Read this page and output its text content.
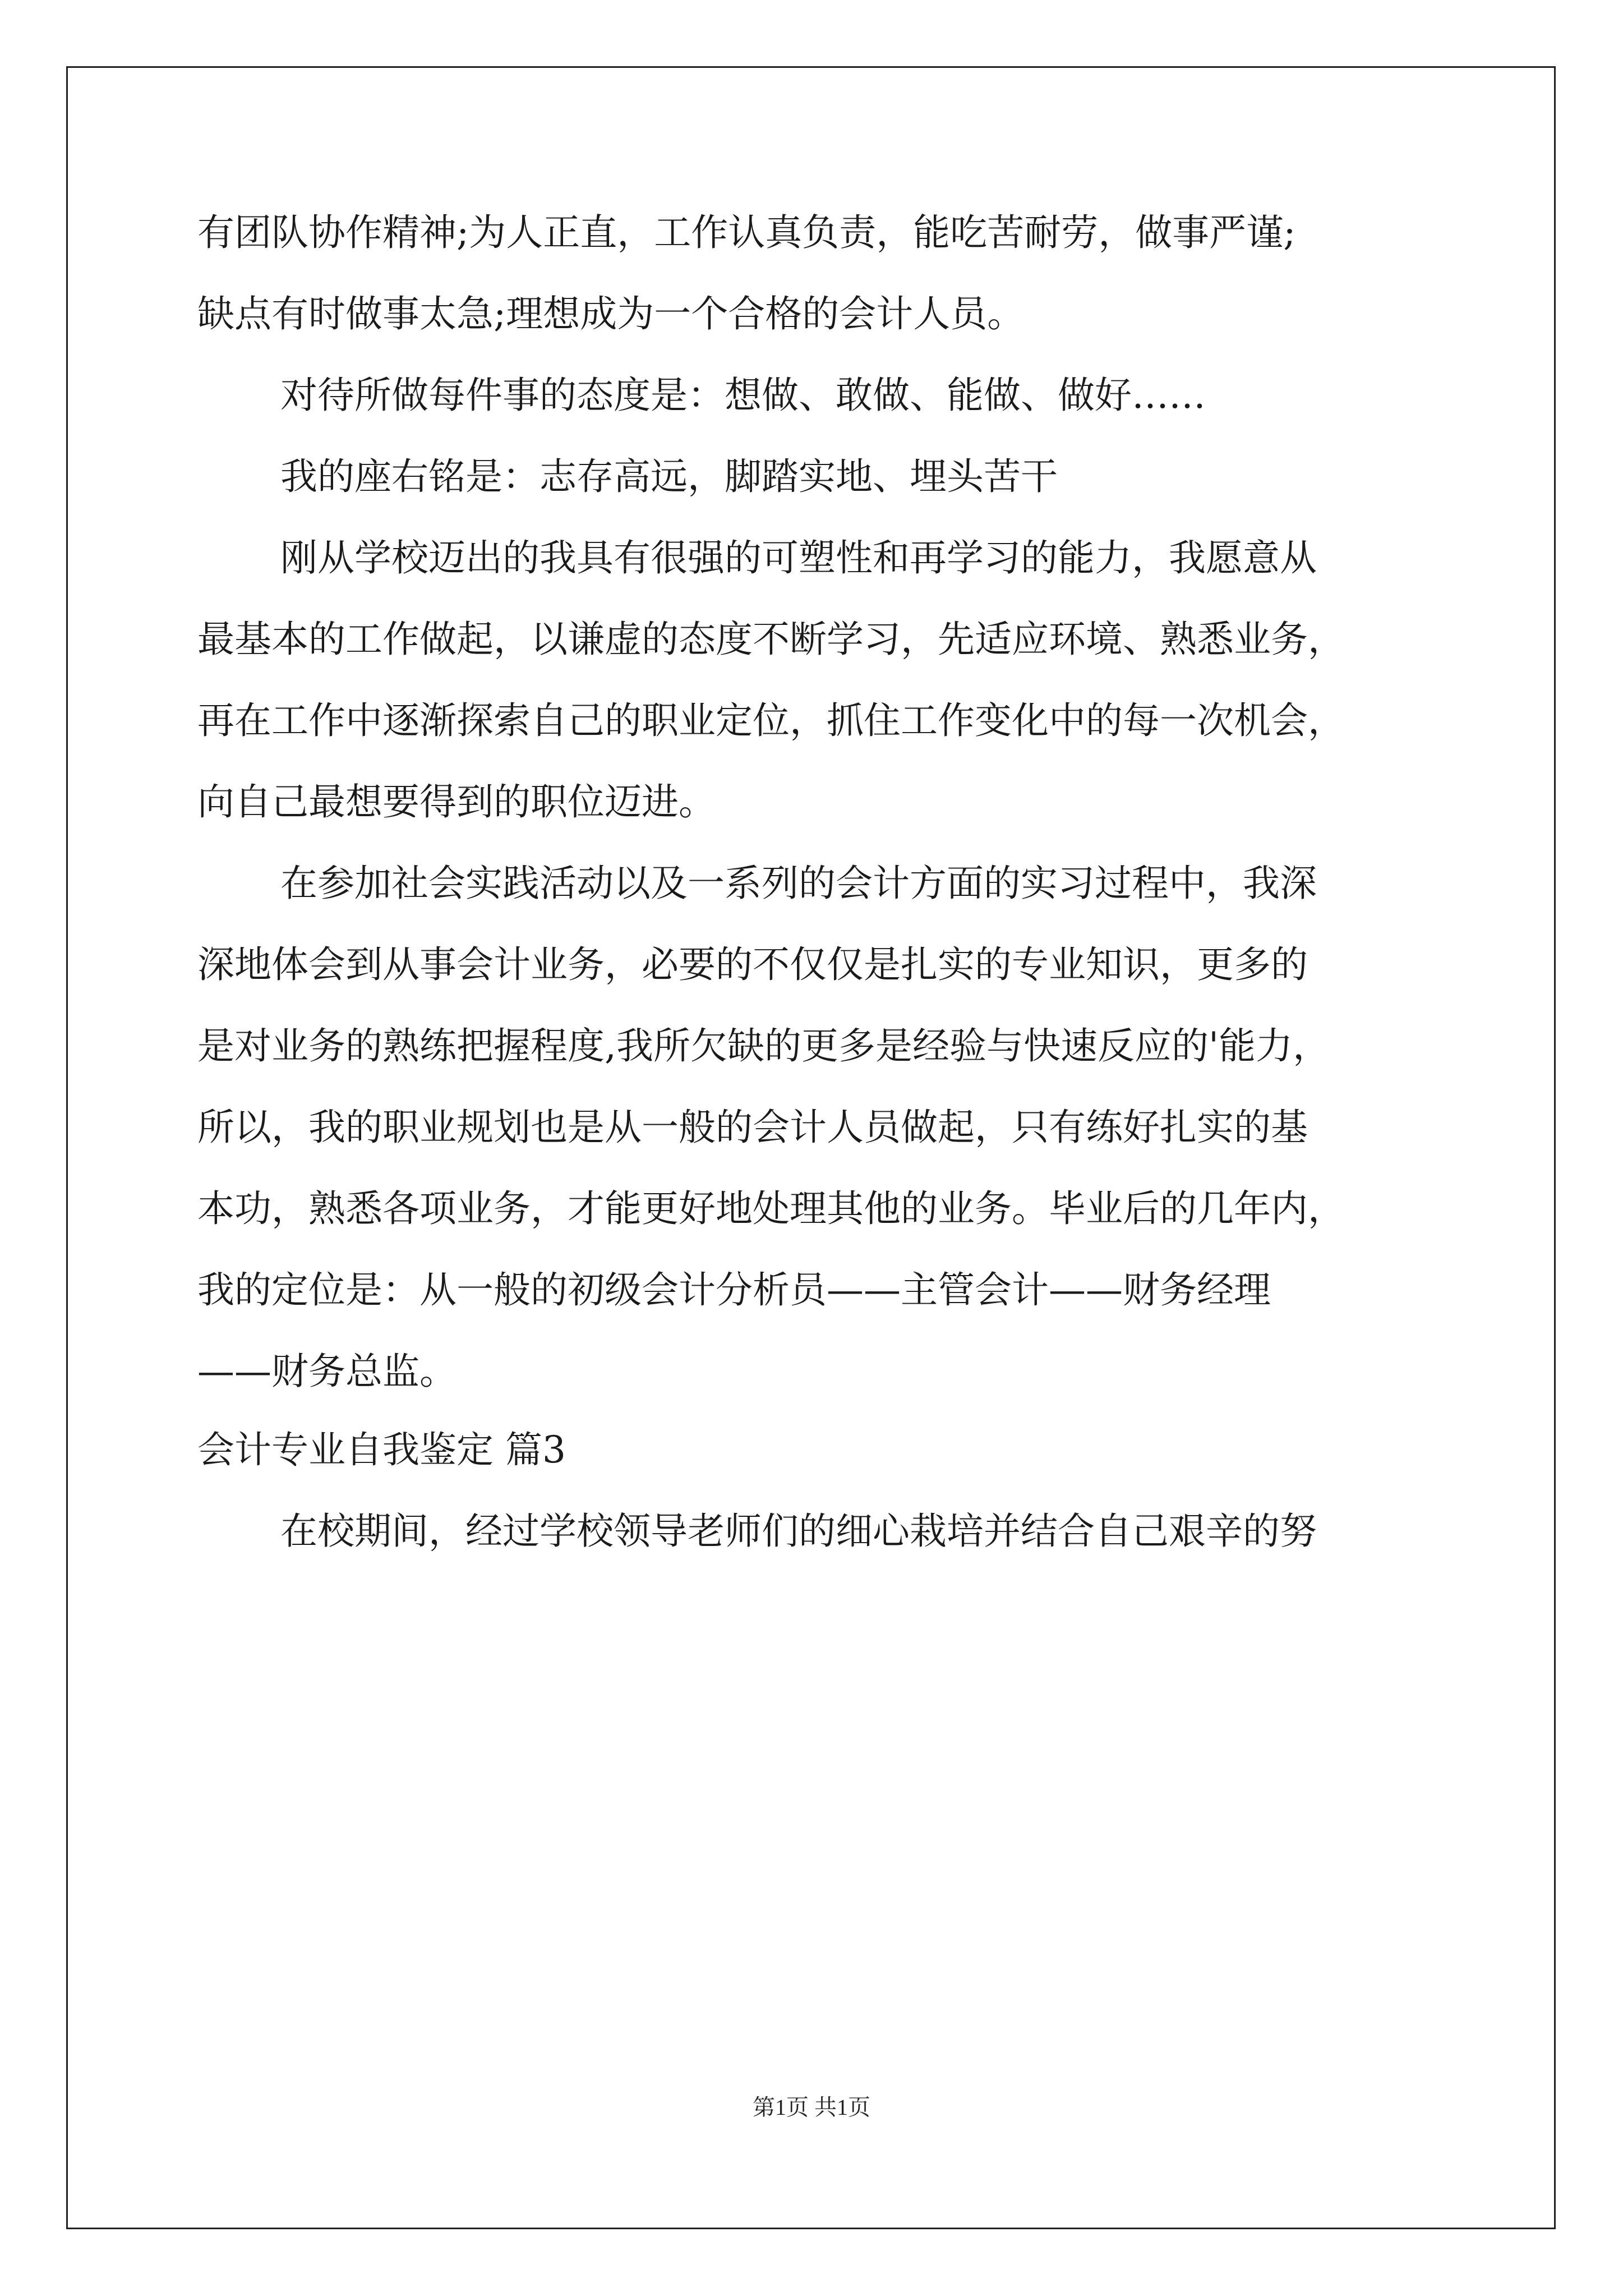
有团队协作精神;为人正直，工作认真负责，能吃苦耐劳，做事严谨;
缺点有时做事太急;理想成为一个合格的会计人员。
对待所做每件事的态度是：想做、敢做、能做、做好……
我的座右铭是：志存高远，脚踏实地、埋头苦干
刚从学校迈出的我具有很强的可塑性和再学习的能力，我愿意从
最基本的工作做起，以谦虚的态度不断学习，先适应环境、熟悉业务，
再在工作中逐渐探索自己的职业定位，抓住工作变化中的每一次机会，
向自己最想要得到的职位迈进。
在参加社会实践活动以及一系列的会计方面的实习过程中，我深
深地体会到从事会计业务，必要的不仅仅是扎实的专业知识，更多的
是对业务的熟练把握程度,我所欠缺的更多是经验与快速反应的'能力，
所以，我的职业规划也是从一般的会计人员做起，只有练好扎实的基
本功，熟悉各项业务，才能更好地处理其他的业务。毕业后的几年内，
我的定位是：从一般的初级会计分析员——主管会计——财务经理
——财务总监。
会计专业自我鉴定 篇3
在校期间，经过学校领导老师们的细心栽培并结合自己艰辛的努
第1页 共1页
